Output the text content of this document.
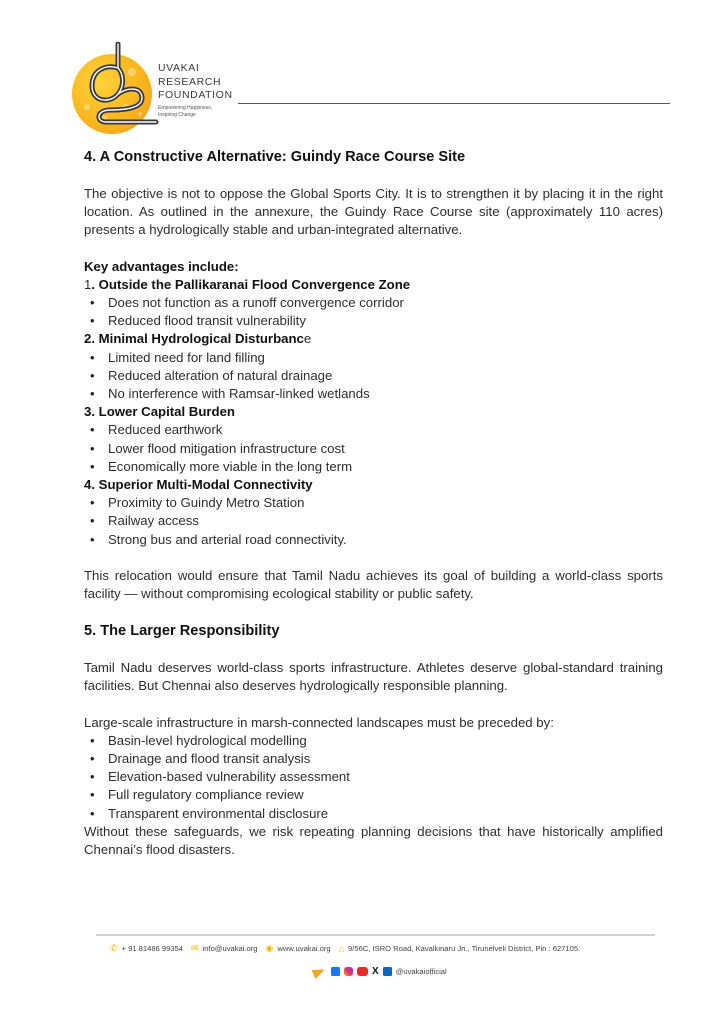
UVAKAI
RESEARCH
FOUNDATION
Empowering Happiness,
Inspiring Change
4. A Constructive Alternative: Guindy Race Course Site

The objective is not to oppose the Global Sports City. It is to strengthen it by placing it in the right location. As outlined in the annexure, the Guindy Race Course site (approximately 110 acres) presents a hydrologically stable and urban-integrated alternative.

Key advantages include:
1. Outside the Pallikaranai Flood Convergence Zone
• Does not function as a runoff convergence corridor
• Reduced flood transit vulnerability
2. Minimal Hydrological Disturbance
• Limited need for land filling
• Reduced alteration of natural drainage
• No interference with Ramsar-linked wetlands
3. Lower Capital Burden
• Reduced earthwork
• Lower flood mitigation infrastructure cost
• Economically more viable in the long term
4. Superior Multi-Modal Connectivity
• Proximity to Guindy Metro Station
• Railway access
• Strong bus and arterial road connectivity.

This relocation would ensure that Tamil Nadu achieves its goal of building a world-class sports facility — without compromising ecological stability or public safety.

5. The Larger Responsibility

Tamil Nadu deserves world-class sports infrastructure. Athletes deserve global-standard training facilities. But Chennai also deserves hydrologically responsible planning.

Large-scale infrastructure in marsh-connected landscapes must be preceded by:
• Basin-level hydrological modelling
• Drainage and flood transit analysis
• Elevation-based vulnerability assessment
• Full regulatory compliance review
• Transparent environmental disclosure

Without these safeguards, we risk repeating planning decisions that have historically amplified Chennai’s flood disasters.

✆ + 91 81486 99354 ✉ info@uvakai.org ◉ www.uvakai.org ⌂ 9/56C, ISRO Road, Kavalkinaru Jn., Tirunelveli District, Pin : 627105.
X @uvakaiofficial
